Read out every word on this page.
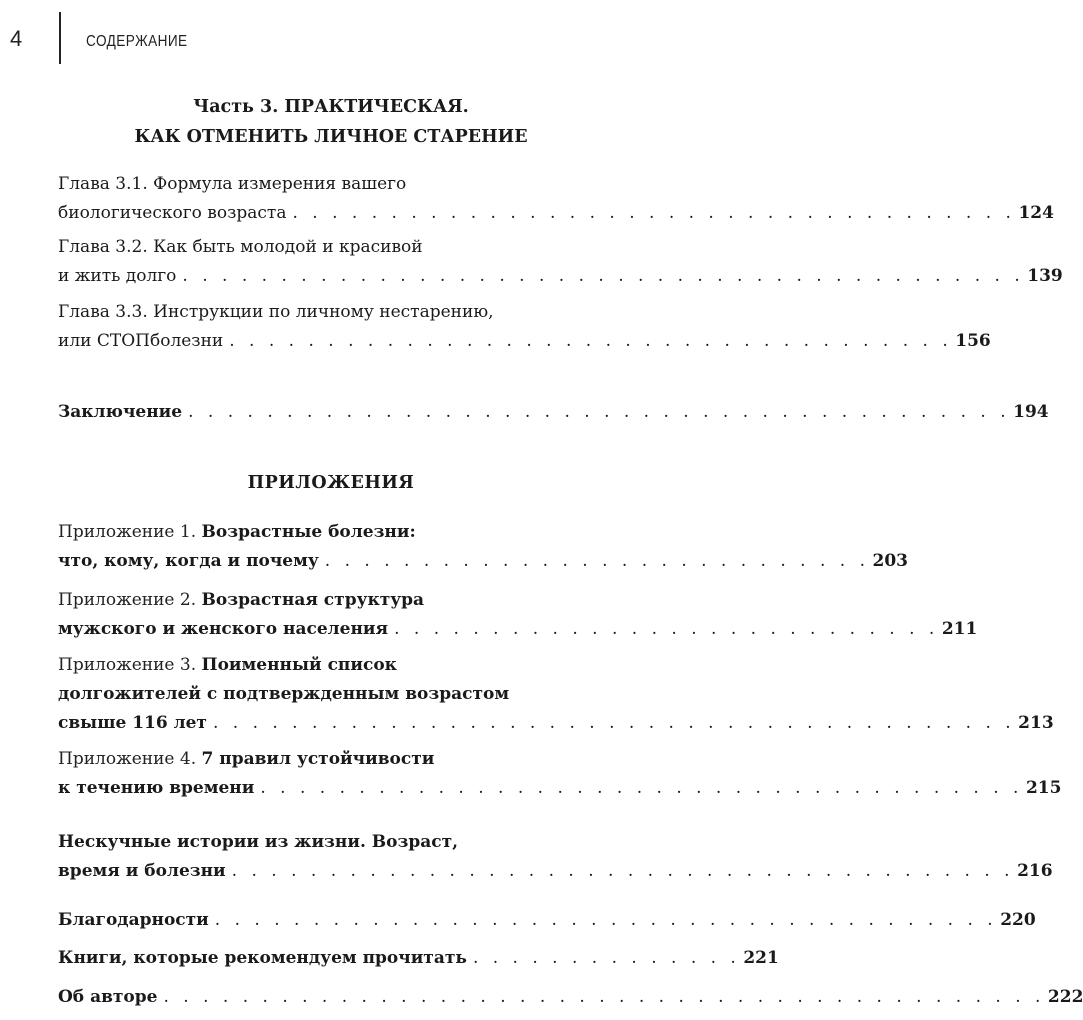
4	СОДЕРЖАНИЕ
Часть 3. ПРАКТИЧЕСКАЯ.
КАК ОТМЕНИТЬ ЛИЧНОЕ СТАРЕНИЕ
Глава 3.1. Формула измерения вашего
биологического возраста . . . . . . . . . . . . . . . . . . . . . . . . . . . . . . . . . . . . . 124
Глава 3.2. Как быть молодой и красивой
и жить долго . . . . . . . . . . . . . . . . . . . . . . . . . . . . . . . . . . . . . . . . . . . 139
Глава 3.3. Инструкции по личному нестарению,
или СТОПболезни . . . . . . . . . . . . . . . . . . . . . . . . . . . . . . . . . . . . . 156
Заключение . . . . . . . . . . . . . . . . . . . . . . . . . . . . . . . . . . . . . . . . . . 194
ПРИЛОЖЕНИЯ
Приложение 1. Возрастные болезни:
что, кому, когда и почему . . . . . . . . . . . . . . . . . . . . . . . . . . . . 203
Приложение 2. Возрастная структура
мужского и женского населения . . . . . . . . . . . . . . . . . . . . . . . . . . . . 211
Приложение 3. Поименный список
долгожителей с подтвержденным возрастом
свыше 116 лет . . . . . . . . . . . . . . . . . . . . . . . . . . . . . . . . . . . . . . . . . 213
Приложение 4. 7 правил устойчивости
к течению времени . . . . . . . . . . . . . . . . . . . . . . . . . . . . . . . . . . . . . . . 215
Нескучные истории из жизни. Возраст,
время и болезни . . . . . . . . . . . . . . . . . . . . . . . . . . . . . . . . . . . . . . . . 216
Благодарности . . . . . . . . . . . . . . . . . . . . . . . . . . . . . . . . . . . . . . . . 220
Книги, которые рекомендуем прочитать . . . . . . . . . . . . . . 221
Об авторе . . . . . . . . . . . . . . . . . . . . . . . . . . . . . . . . . . . . . . . . . . . . . 222
